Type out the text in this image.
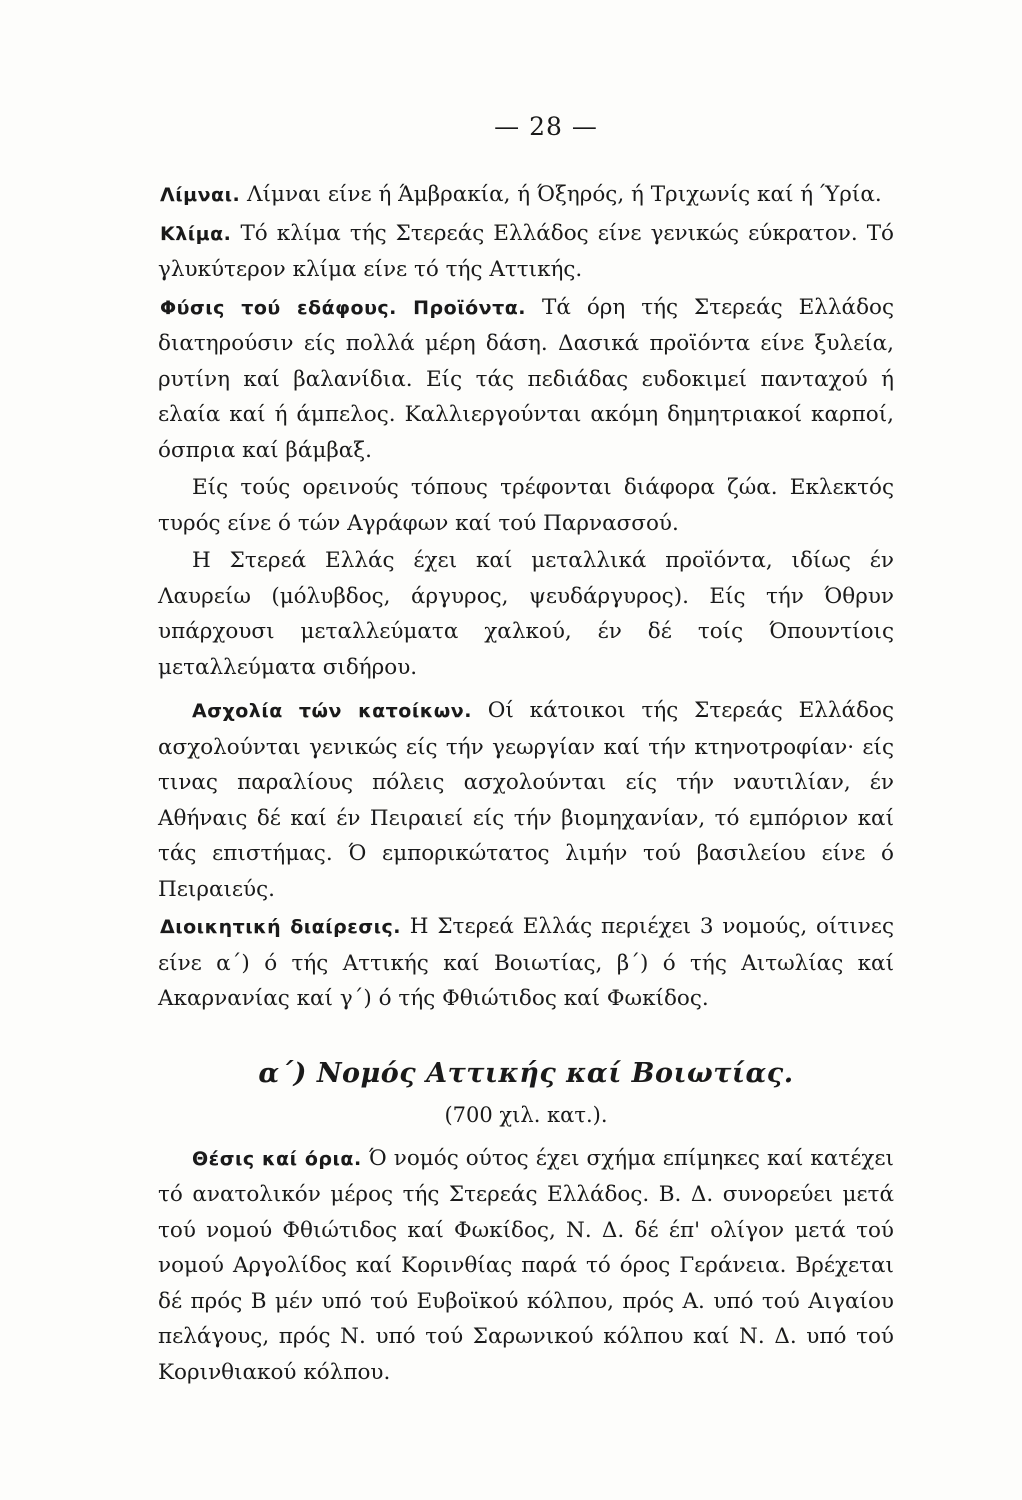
— 28 —

Λίμναι. Λίμναι είνε ή Άμβρακία, ή Όξηρός, ή Τριχωνίς καί ή Ύρία.

Κλίμα. Τό κλίμα τής Στερεάς Ελλάδος είνε γενικώς εύκρατον. Τό γλυκύτερον κλίμα είνε τό τής Αττικής.

Φύσις τού εδάφους. Προϊόντα. Τά όρη τής Στερεάς Ελλάδος διατηρούσιν είς πολλά μέρη δάση. Δασικά προϊόντα είνε ξυλεία, ρυτίνη καί βαλανίδια. Είς τάς πεδιάδας ευδοκιμεί πανταχού ή ελαία καί ή άμπελος. Καλλιεργούνται ακόμη δημητριακοί καρποί, όσπρια καί βάμβαξ.

Είς τούς ορεινούς τόπους τρέφονται διάφορα ζώα. Εκλεκτός τυρός είνε ό τών Αγράφων καί τού Παρνασσού.

Η Στερεά Ελλάς έχει καί μεταλλικά προϊόντα, ιδίως έν Λαυρείω (μόλυβδος, άργυρος, ψευδάργυρος). Είς τήν Όθρυν υπάρχουσι μεταλλεύματα χαλκού, έν δέ τοίς Όπουντίοις μεταλλεύματα σιδήρου.

Ασχολία τών κατοίκων. Οί κάτοικοι τής Στερεάς Ελλάδος ασχολούνται γενικώς είς τήν γεωργίαν καί τήν κτηνοτροφίαν· είς τινας παραλίους πόλεις ασχολούνται είς τήν ναυτιλίαν, έν Αθήναις δέ καί έν Πειραιεί είς τήν βιομηχανίαν, τό εμπόριον καί τάς επιστήμας. Ό εμπορικώτατος λιμήν τού βασιλείου είνε ό Πειραιεύς.

Διοικητική διαίρεσις. Η Στερεά Ελλάς περιέχει 3 νομούς, οίτινες είνε α΄) ό τής Αττικής καί Βοιωτίας, β΄) ό τής Αιτωλίας καί Ακαρνανίας καί γ΄) ό τής Φθιώτιδος καί Φωκίδος.

α΄) Νομός Αττικής καί Βοιωτίας.
(700 χιλ. κατ.).

Θέσις καί όρια. Ό νομός ούτος έχει σχήμα επίμηκες καί κατέχει τό ανατολικόν μέρος τής Στερεάς Ελλάδος. Β. Δ. συνορεύει μετά τού νομού Φθιώτιδος καί Φωκίδος, Ν. Δ. δέ έπ' ολίγον μετά τού νομού Αργολίδος καί Κορινθίας παρά τό όρος Γεράνεια. Βρέχεται δέ πρός Β μέν υπό τού Ευβοϊκού κόλπου, πρός Α. υπό τού Αιγαίου πελάγους, πρός Ν. υπό τού Σαρωνικού κόλπου καί Ν. Δ. υπό τού Κορινθιακού κόλπου.
